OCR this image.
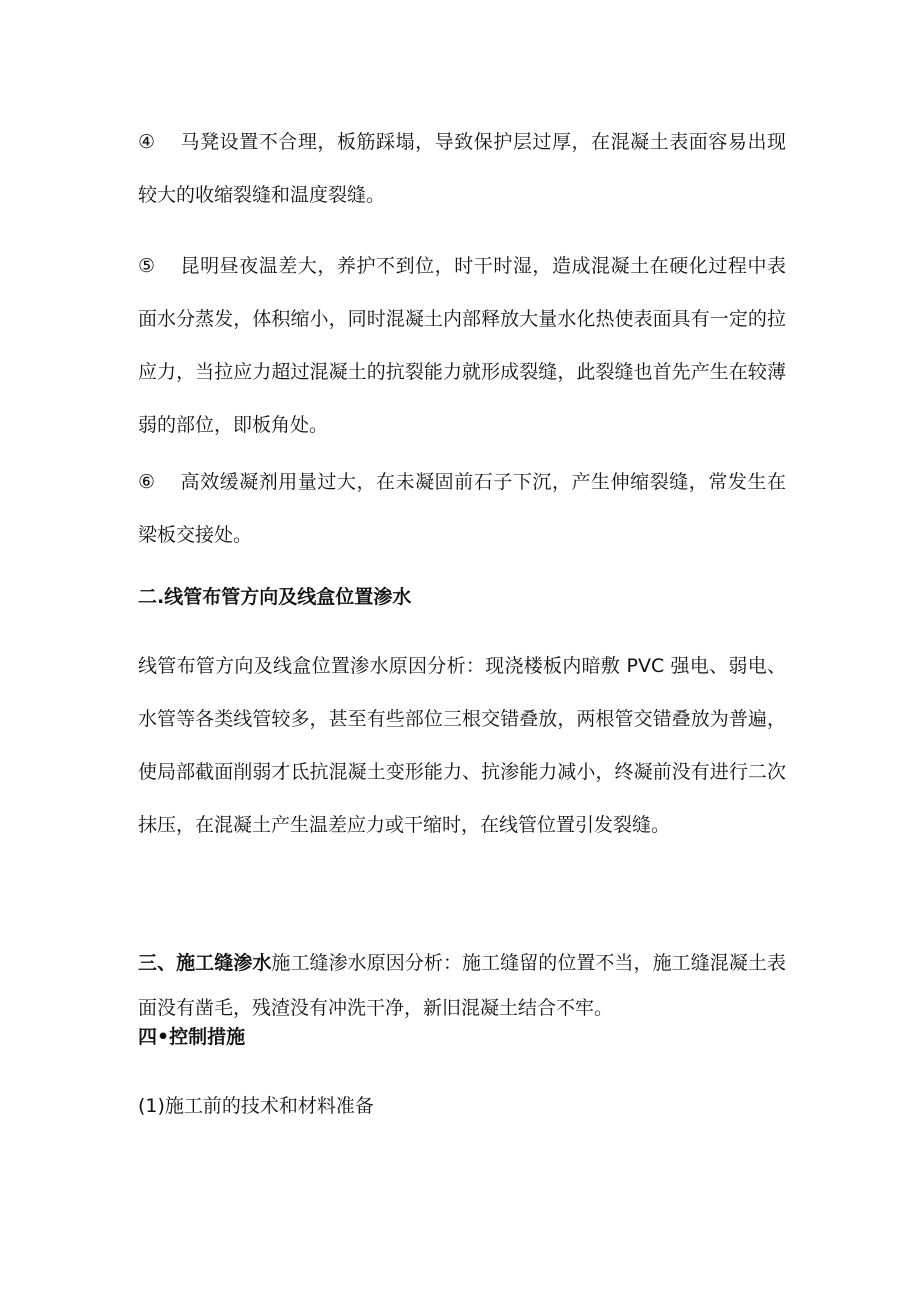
④ 马凳设置不合理，板筋踩塌，导致保护层过厚，在混凝土表面容易出现较大的收缩裂缝和温度裂缝。

⑤ 昆明昼夜温差大，养护不到位，时干时湿，造成混凝土在硬化过程中表面水分蒸发，体积缩小，同时混凝土内部释放大量水化热使表面具有一定的拉应力，当拉应力超过混凝土的抗裂能力就形成裂缝，此裂缝也首先产生在较薄弱的部位，即板角处。

⑥ 高效缓凝剂用量过大，在未凝固前石子下沉，产生伸缩裂缝，常发生在梁板交接处。

二.线管布管方向及线盒位置渗水

线管布管方向及线盒位置渗水原因分析：现浇楼板内暗敷 PVC 强电、弱电、水管等各类线管较多，甚至有些部位三根交错叠放，两根管交错叠放为普遍，使局部截面削弱才氐抗混凝土变形能力、抗渗能力减小，终凝前没有进行二次抹压，在混凝土产生温差应力或干缩时，在线管位置引发裂缝。

三、施工缝渗水施工缝渗水原因分析：施工缝留的位置不当，施工缝混凝土表面没有凿毛，残渣没有冲洗干净，新旧混凝土结合不牢。

四•控制措施

(1)施工前的技术和材料准备
